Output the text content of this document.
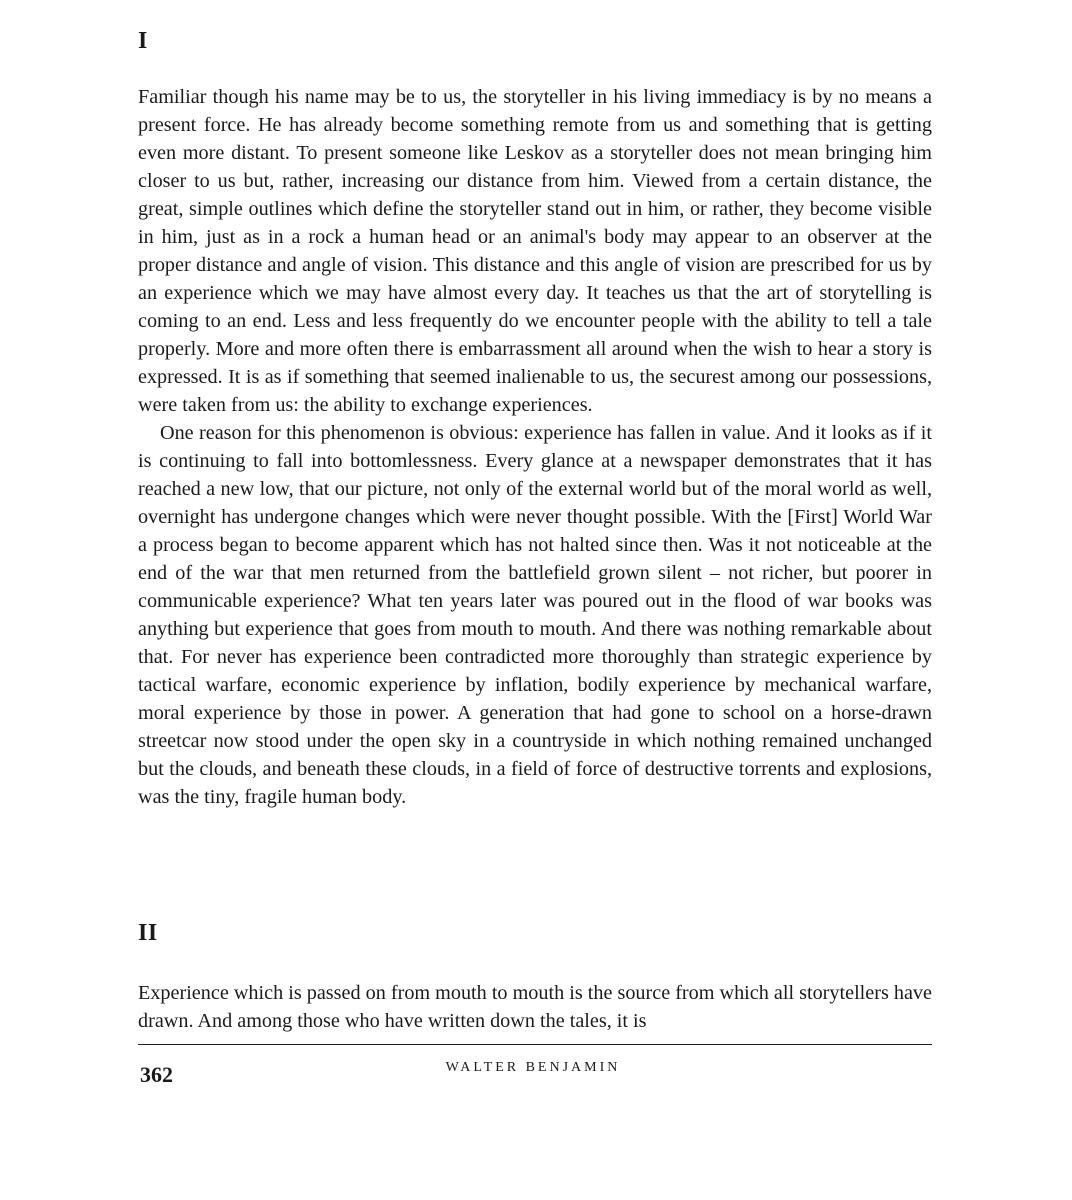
I

Familiar though his name may be to us, the storyteller in his living immediacy is by no means a present force. He has already become something remote from us and something that is getting even more distant. To present someone like Leskov as a storyteller does not mean bringing him closer to us but, rather, increasing our distance from him. Viewed from a certain distance, the great, simple outlines which define the storyteller stand out in him, or rather, they become visible in him, just as in a rock a human head or an animal's body may appear to an observer at the proper distance and angle of vision. This distance and this angle of vision are prescribed for us by an experience which we may have almost every day. It teaches us that the art of storytelling is coming to an end. Less and less frequently do we encounter people with the ability to tell a tale properly. More and more often there is embarrassment all around when the wish to hear a story is expressed. It is as if something that seemed inalienable to us, the securest among our possessions, were taken from us: the ability to exchange experiences.

One reason for this phenomenon is obvious: experience has fallen in value. And it looks as if it is continuing to fall into bottomlessness. Every glance at a newspaper demonstrates that it has reached a new low, that our picture, not only of the external world but of the moral world as well, overnight has undergone changes which were never thought possible. With the [First] World War a process began to become apparent which has not halted since then. Was it not noticeable at the end of the war that men returned from the battlefield grown silent – not richer, but poorer in communicable experience? What ten years later was poured out in the flood of war books was anything but experience that goes from mouth to mouth. And there was nothing remarkable about that. For never has experience been contradicted more thoroughly than strategic experience by tactical warfare, economic experience by inflation, bodily experience by mechanical warfare, moral experience by those in power. A generation that had gone to school on a horse-drawn streetcar now stood under the open sky in a countryside in which nothing remained unchanged but the clouds, and beneath these clouds, in a field of force of destructive torrents and explosions, was the tiny, fragile human body.

II

Experience which is passed on from mouth to mouth is the source from which all storytellers have drawn. And among those who have written down the tales, it is

362	WALTER BENJAMIN
